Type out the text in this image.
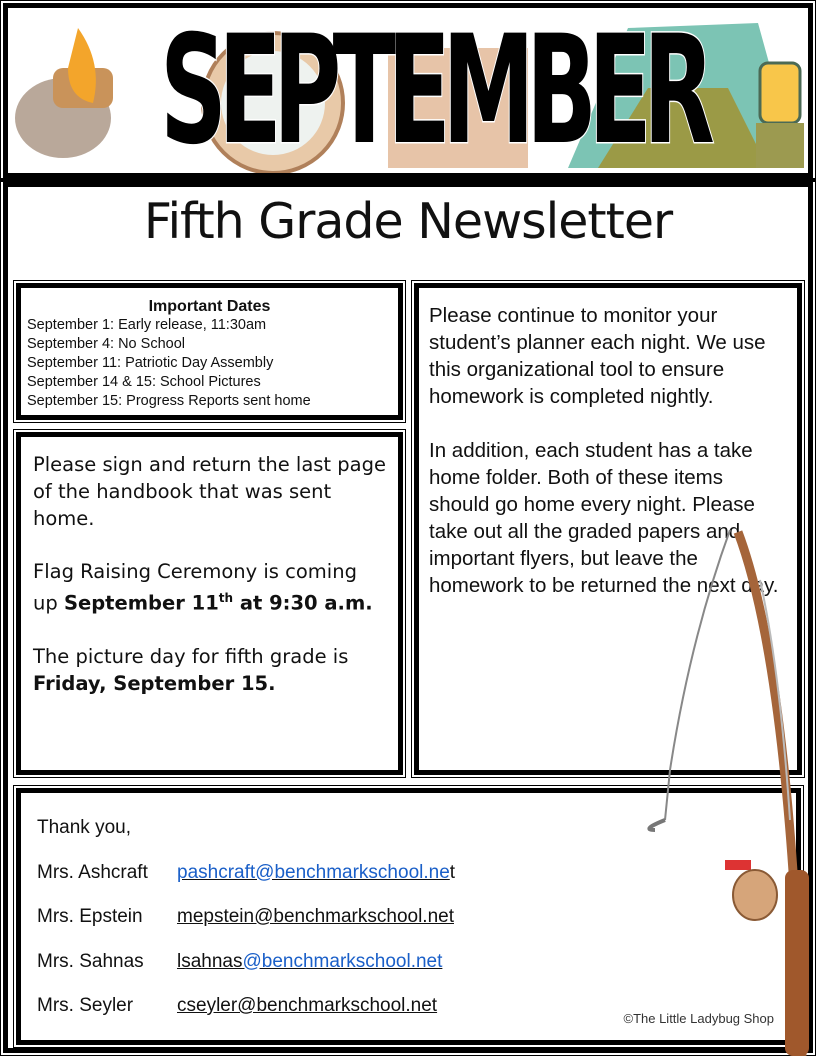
SEPTEMBER
Fifth Grade Newsletter
Important Dates
September 1: Early release, 11:30am
September 4: No School
September 11: Patriotic Day Assembly
September 14 & 15: School Pictures
September 15: Progress Reports sent home

Please sign and return the last page of the handbook that was sent home.

Flag Raising Ceremony is coming up September 11th at 9:30 a.m.

The picture day for fifth grade is Friday, September 15.

Please continue to monitor your student’s planner each night. We use this organizational tool to ensure homework is completed nightly.

In addition, each student has a take home folder. Both of these items should go home every night. Please take out all the graded papers and important flyers, but leave the homework to be returned the next day.

Thank you,
Mrs. Ashcraft	pashcraft@benchmarkschool.net
Mrs. Epstein	mepstein@benchmarkschool.net
Mrs. Sahnas	lsahnas@benchmarkschool.net
Mrs. Seyler	cseyler@benchmarkschool.net
©The Little Ladybug Shop
